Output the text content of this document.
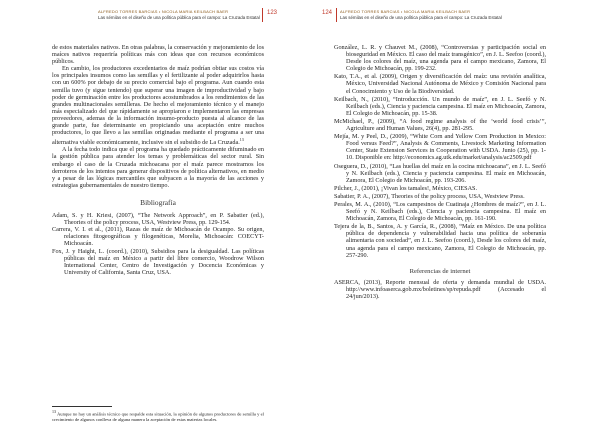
ALFREDO TORRES BARCIAS • NICOLA MARIA KEILBACH BAER
Las sémilas en el diseño de una política pública para el campo: La Cruzada Estatal
123

de estos materiales nativos. En otras palabras, la conservación y mejoramiento de los maíces nativos requeriría políticas más con ideas que con recursos económicos públicos.

En cambio, los productores excedentarios de maíz podrían obtiar sus costos vía los principales insumos como las semillas y el fertilizante al poder adquirirlos hasta con un 600% por debajo de su precio comercial bajo el programa. Aun cuando esta semilla tuvo (y sigue teniendo) que superar una imagen de improductividad y bajo poder de germinación entre los productores acostumbrados a los rendimientos de las grandes multinacionales semilleras. De hecho el mejoramiento técnico y el manejo más especializado del que rápidamente se apropiaron e implementaron las empresas proveedores, ademas de la información insumo-producto puesta al alcance de las grande parte, fue determinante en propiciando una aceptación entre muchos productores, lo que llevo a las semillas originadas mediante el programa a ser una alternativa viable económicamente, inclusive sin el subsidio de La Cruzada.$^{13}$

A la fecha todo indica que el programa ha quedado prácticamente difuminado en la gestión pública para atender los temas y problemáticas del sector rural. Sin embargo el caso de la Cruzada michoacana por el maíz parece mostrarnos los derroteros de los intentos para generar dispositivos de política alternativos, en medio y a pesar de las lógicas mercantiles que subyacen a la mayoría de las acciones y estrategias gubernamentales de nuestro tiempo.

Bibliografía

Adam, S. y H. Kriesi, (2007), “The Network Approach”, en P. Sabatier (ed.), Theories of the policy process, USA, Westview Press, pp. 129-154.

Carrera, V. I. et al., (2011), Razas de maíz de Michoacán de Ocampo. Su origen, relaciones fitogeográficas y filogenéticas, Morelia, Michoacán: COECYT-Michoacán.

Fox, J. y Haight, L. (coord.), (2010), Subsidios para la desigualdad. Las políticas públicas del maíz en México a partir del libre comercio, Woodrow Wilson International Center, Centro de Investigación y Docencia Económicas y University of California, Santa Cruz, USA.

$^{13}$ Aunque no hay un análisis técnico que respalde esta situación, la opinión de algunos productores de semilla y el crecimiento de algunos conlleva de alguna manera la aceptación de estas materias locales.
124 ALFREDO TORRES BARCIAS • NICOLA MARIA KEILBACH BAER
Las sémilas en el diseño de una política pública para el campo: La Cruzada Estatal

González, L. R. y Chauvet M., (2008), “Controversias y participación social en bioseguridad en México. El caso del maíz transgénico”, en J. L. Seefoo (coord.), Desde los colores del maíz, una agenda para el campo mexicano, Zamora, El Colegio de Michoacán, pp. 199-232.

Kato, T.A., et al. (2009), Origen y diversificación del maíz: una revisión analítica, México, Universidad Nacional Autónoma de México y Comisión Nacional para el Conocimiento y Uso de la Biodiversidad.

Keilbach, N., (2010), “Introducción. Un mundo de maíz”, en J. L. Seefó y N. Keilbach (eds.), Ciencia y paciencia campesina. El maíz en Michoacán, Zamora, El Colegio de Michoacán, pp. 15-38.

McMichael, P., (2009), “A food regime analysis of the ‘world food crisis’”, Agriculture and Human Values, 26(4), pp. 281-295.

Mejía, M. y Peel, D., (2009), “White Corn and Yellow Corn Production in Mexico: Food versus Feed?”, Analysis & Comments, Livestock Marketing Information Center, State Extension Services in Cooperation with USDA. Junio (25), pp. 1-10. Disponible en: http://economics.ag.utk.edu/market/analysis/ac2509.pdf

Oseguera, D., (2010), “Las huellas del maíz en la cocina michoacana”, en J. L. Seefó y N. Keilbach (eds.), Ciencia y paciencia campesina. El maíz en Michoacán, Zamora, El Colegio de Michoacán, pp. 193-206.

Pilcher, J., (2001), ¡Vivan los tamales!, México, CIESAS.

Sabatier, P. A., (2007), Theories of the policy process, USA, Westview Press.

Perales, M. A., (2010), “Los campesinos de Cuatinaja ¿Hombres de maíz?”, en J. L. Seefó y N. Keilbach (eds.), Ciencia y paciencia campesina. El maíz en Michoacán, Zamora, El Colegio de Michoacán, pp. 161-190.

Tejera de la, B., Santos, A. y García, R., (2008), “Maíz en México. De una política pública de dependencia y vulnerabilidad hacia una política de soberanía alimentaria con sociedad”, en J. L. Seefoo (coord.), Desde los colores del maíz, una agenda para el campo mexicano, Zamora, El Colegio de Michoacán, pp. 257-290.

Referencias de internet

ASERCA, (2013), Reporte mensual de oferta y demanda mundial de USDA. http://www.infoaserca.gob.mx/boletines/sp/repuda.pdf (Accesado el 24/jun/2013).
